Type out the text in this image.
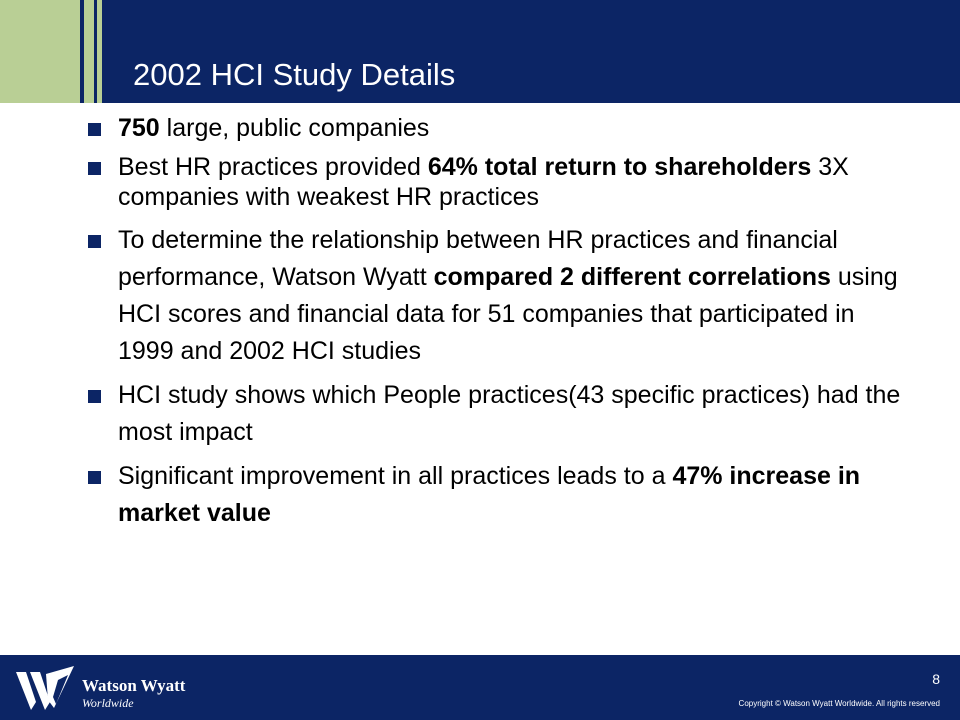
2002 HCI Study Details
750 large, public companies
Best HR practices provided 64% total return to shareholders 3X companies with weakest HR practices
To determine the relationship between HR practices and financial performance, Watson Wyatt compared 2 different correlations using HCI scores and financial data for 51 companies that participated in 1999 and 2002 HCI studies
HCI study shows which People practices(43 specific practices) had the most impact
Significant improvement in all practices leads to a 47% increase in market value
Watson Wyatt
Worldwide
8
Copyright © Watson Wyatt Worldwide. All rights reserved
